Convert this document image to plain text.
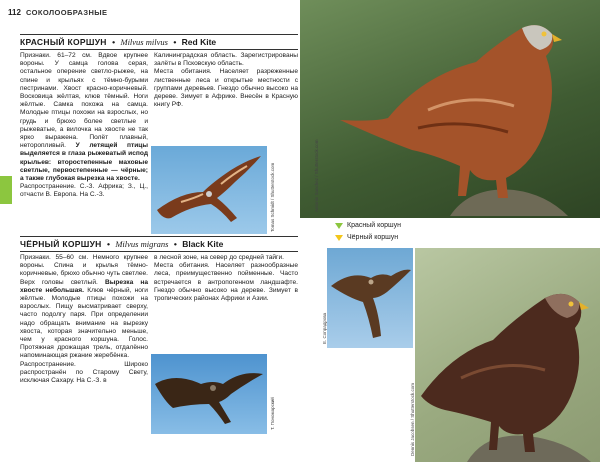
112 СОКОЛООБРАЗНЫЕ
КРАСНЫЙ КОРШУН • Milvus milvus • Red Kite

Признаки. 61–72 см. Вдвое крупнее вороны. У самца голова серая, остальное оперение светло-рыжее, на спине и крыльях с тёмно-бурыми пестринами. Хвост красно-коричневый. Восковица жёлтая, клюв тёмный. Ноги жёлтые. Самка похожа на самца. Молодые птицы похожи на взрослых, но грудь и брюхо более светлые и рыжеватые, а вилочка на хвосте не так ярко выражена. Полёт плавный, неторопливый. У летящей птицы выделяется в глаза рыжеватый испод крыльев: второстепенные маховые светлые, первостепенные — чёрные; а также глубокая вырезка на хвосте.

Распространение. С.-З. Африка; З., Ц., отчасти В. Европа. На С.-З.

Калининградская область. Зарегистрированы залёты в Псковскую область.

Места обитания. Населяет разреженные лиственные леса и открытые местности с группами деревьев. Гнездо обычно высоко на дереве. Зимует в Африке. Внесён в Красную книгу РФ.

Tomas Schmidt / Shutterstock.com
ЧЁРНЫЙ КОРШУН • Milvus migrans • Black Kite

Признаки. 55–60 см. Немного крупнее вороны. Спина и крылья тёмно-коричневые, брюхо обычно чуть светлее. Верх головы светлый. Вырезка на хвосте небольшая. Клюв чёрный, ноги жёлтые. Молодые птицы похожи на взрослых. Пищу высматривает сверху, часто подолгу паря. При определении надо обращать внимание на вырезку хвоста, которая значительно меньше, чем у красного коршуна. Голос. Протяжная дрожащая трель, отдалённо напоминающая ржание жеребёнка.

Распространение. Широко распространён по Старому Свету, исключая Сахару. На С.-З. в

в лесной зоне, на север до средней тайги.

Места обитания. Населяет разнообразные леса, преимущественно пойменные. Часто встречается в антропогенном ландшафте. Гнездо обычно высоко на дереве. Зимует в тропических районах Африки и Азии.

Т. Пономарский
Antonio Sanchez / Shutterstock.com
Красный коршун
Чёрный коршун
Е. Сопрадрова
Dennis Jacobsen / Shutterstock.com
